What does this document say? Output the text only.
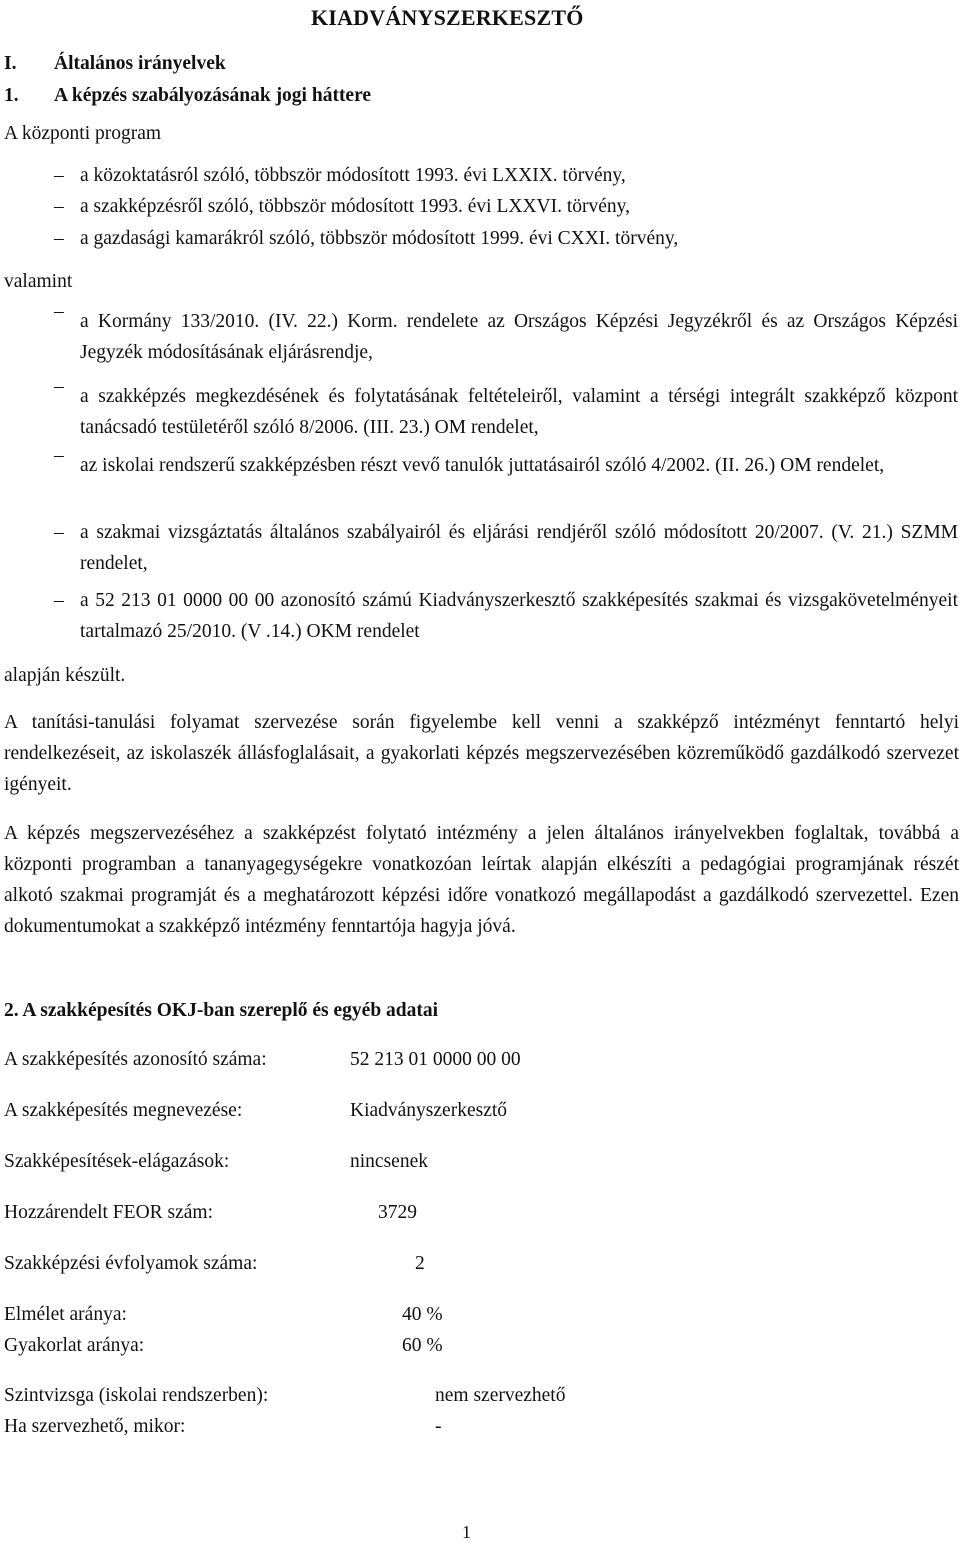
KIADVÁNYSZERKESZTŐ
I. Általános irányelvek
1. A képzés szabályozásának jogi háttere
A központi program
– a közoktatásról szóló, többször módosított 1993. évi LXXIX. törvény,
– a szakképzésről szóló, többször módosított 1993. évi LXXVI. törvény,
– a gazdasági kamarákról szóló, többször módosított 1999. évi CXXI. törvény,
valamint
– a Kormány 133/2010. (IV. 22.) Korm. rendelete az Országos Képzési Jegyzékről és az Országos Képzési Jegyzék módosításának eljárásrendje,
– a szakképzés megkezdésének és folytatásának feltételeiről, valamint a térségi integrált szakképző központ tanácsadó testületéről szóló 8/2006. (III. 23.) OM rendelet,
– az iskolai rendszerű szakképzésben részt vevő tanulók juttatásairól szóló 4/2002. (II. 26.) OM rendelet,
– a szakmai vizsgáztatás általános szabályairól és eljárási rendjéről szóló módosított 20/2007. (V. 21.) SZMM rendelet,
– a 52 213 01 0000 00 00 azonosító számú Kiadványszerkesztő szakképesítés szakmai és vizsgakövetelményeit tartalmazó 25/2010. (V .14.) OKM rendelet
alapján készült.
A tanítási-tanulási folyamat szervezése során figyelembe kell venni a szakképző intézményt fenntartó helyi rendelkezéseit, az iskolaszék állásfoglalásait, a gyakorlati képzés megszervezésében közreműködő gazdálkodó szervezet igényeit.
A képzés megszervezéséhez a szakképzést folytató intézmény a jelen általános irányelvekben foglaltak, továbbá a központi programban a tananyagegységekre vonatkozóan leírtak alapján elkészíti a pedagógiai programjának részét alkotó szakmai programját és a meghatározott képzési időre vonatkozó megállapodást a gazdálkodó szervezettel. Ezen dokumentumokat a szakképző intézmény fenntartója hagyja jóvá.
2. A szakképesítés OKJ-ban szereplő és egyéb adatai
A szakképesítés azonosító száma:	52 213 01 0000 00 00
A szakképesítés megnevezése:	Kiadványszerkesztő
Szakképesítések-elágazások:	nincsenek
Hozzárendelt FEOR szám:	3729
Szakképzési évfolyamok száma:	2
Elmélet aránya:	40 %
Gyakorlat aránya:	60 %
Szintvizsga (iskolai rendszerben):	nem szervezhető
Ha szervezhető, mikor:	-
1
